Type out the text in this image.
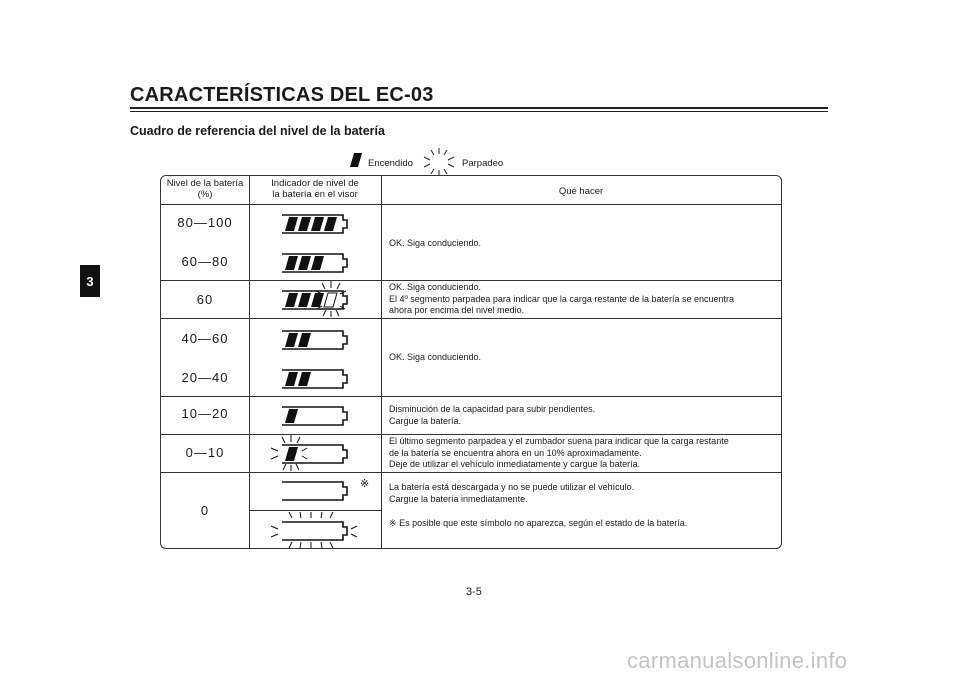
CARACTERÍSTICAS DEL EC-03
3
Cuadro de referencia del nivel de la batería
Encendido	Parpadeo
Nivel de la batería
(%)
Indicador de nivel de
la batería en el visor	Qué hacer
80—100
60—80
60
40—60
20—40
10—20
0—10
0
※
OK. Siga conduciendo.
OK. Siga conduciendo.
El 4º segmento parpadea para indicar que la carga restante de la batería se encuentra
ahora por encima del nivel medio.
OK. Siga conduciendo.
Disminución de la capacidad para subir pendientes.
Cargue la batería.
El último segmento parpadea y el zumbador suena para indicar que la carga restante
de la batería se encuentra ahora en un 10% aproximadamente.
Deje de utilizar el vehículo inmediatamente y cargue la batería.
La batería está descargada y no se puede utilizar el vehículo.
Cargue la batería inmediatamente.
※ Es posible que este símbolo no aparezca, según el estado de la batería.
3-5
carmanualsonline.info
